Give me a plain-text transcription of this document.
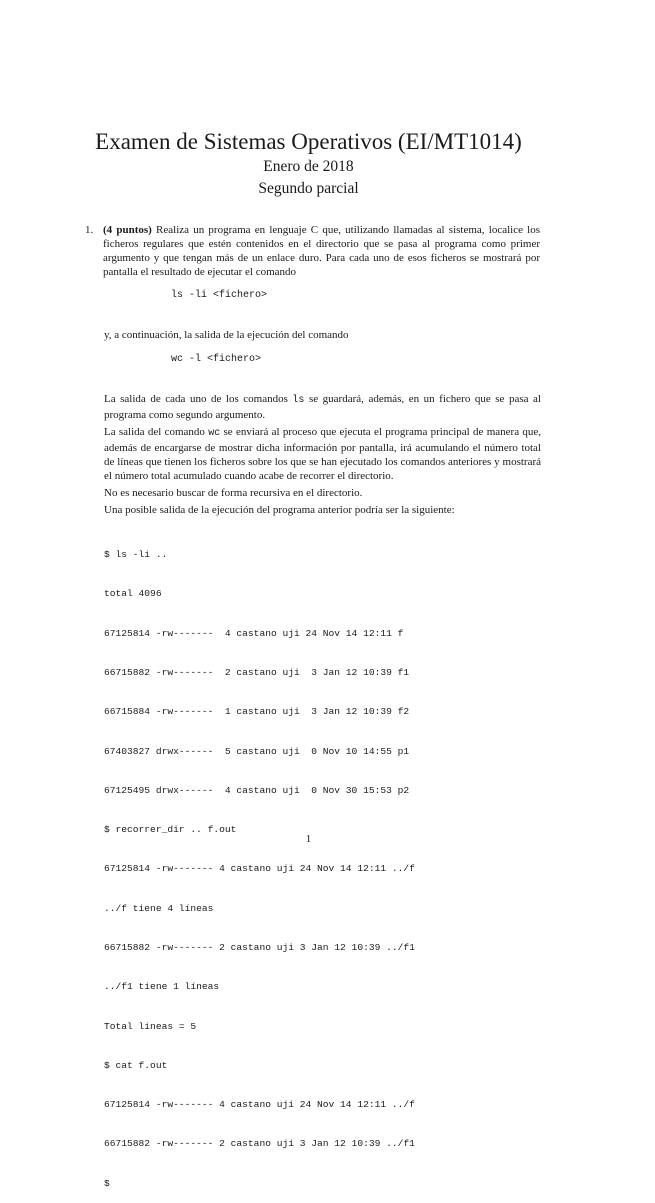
Examen de Sistemas Operativos (EI/MT1014)
Enero de 2018
Segundo parcial
1. (4 puntos) Realiza un programa en lenguaje C que, utilizando llamadas al sistema, localice los ficheros regulares que estén contenidos en el directorio que se pasa al programa como primer argumento y que tengan más de un enlace duro. Para cada uno de esos ficheros se mostrará por pantalla el resultado de ejecutar el comando

ls -li <fichero>

y, a continuación, la salida de la ejecución del comando

wc -l <fichero>

La salida de cada uno de los comandos ls se guardará, además, en un fichero que se pasa al programa como segundo argumento.

La salida del comando wc se enviará al proceso que ejecuta el programa principal de manera que, además de encargarse de mostrar dicha información por pantalla, irá acumulando el número total de líneas que tienen los ficheros sobre los que se han ejecutado los comandos anteriores y mostrará el número total acumulado cuando acabe de recorrer el directorio.

No es necesario buscar de forma recursiva en el directorio.

Una posible salida de la ejecución del programa anterior podría ser la siguiente:

$ ls -li ..

total 4096

67125814 -rw-------  4 castano uji 24 Nov 14 12:11 f

66715882 -rw-------  2 castano uji  3 Jan 12 10:39 f1

66715884 -rw-------  1 castano uji  3 Jan 12 10:39 f2

67403827 drwx------  5 castano uji  0 Nov 10 14:55 p1

67125495 drwx------  4 castano uji  0 Nov 30 15:53 p2

$ recorrer_dir .. f.out

67125814 -rw------- 4 castano uji 24 Nov 14 12:11 ../f

../f tiene 4 líneas

66715882 -rw------- 2 castano uji 3 Jan 12 10:39 ../f1

../f1 tiene 1 líneas

Total líneas = 5

$ cat f.out

67125814 -rw------- 4 castano uji 24 Nov 14 12:11 ../f

66715882 -rw------- 2 castano uji 3 Jan 12 10:39 ../f1

$

1
